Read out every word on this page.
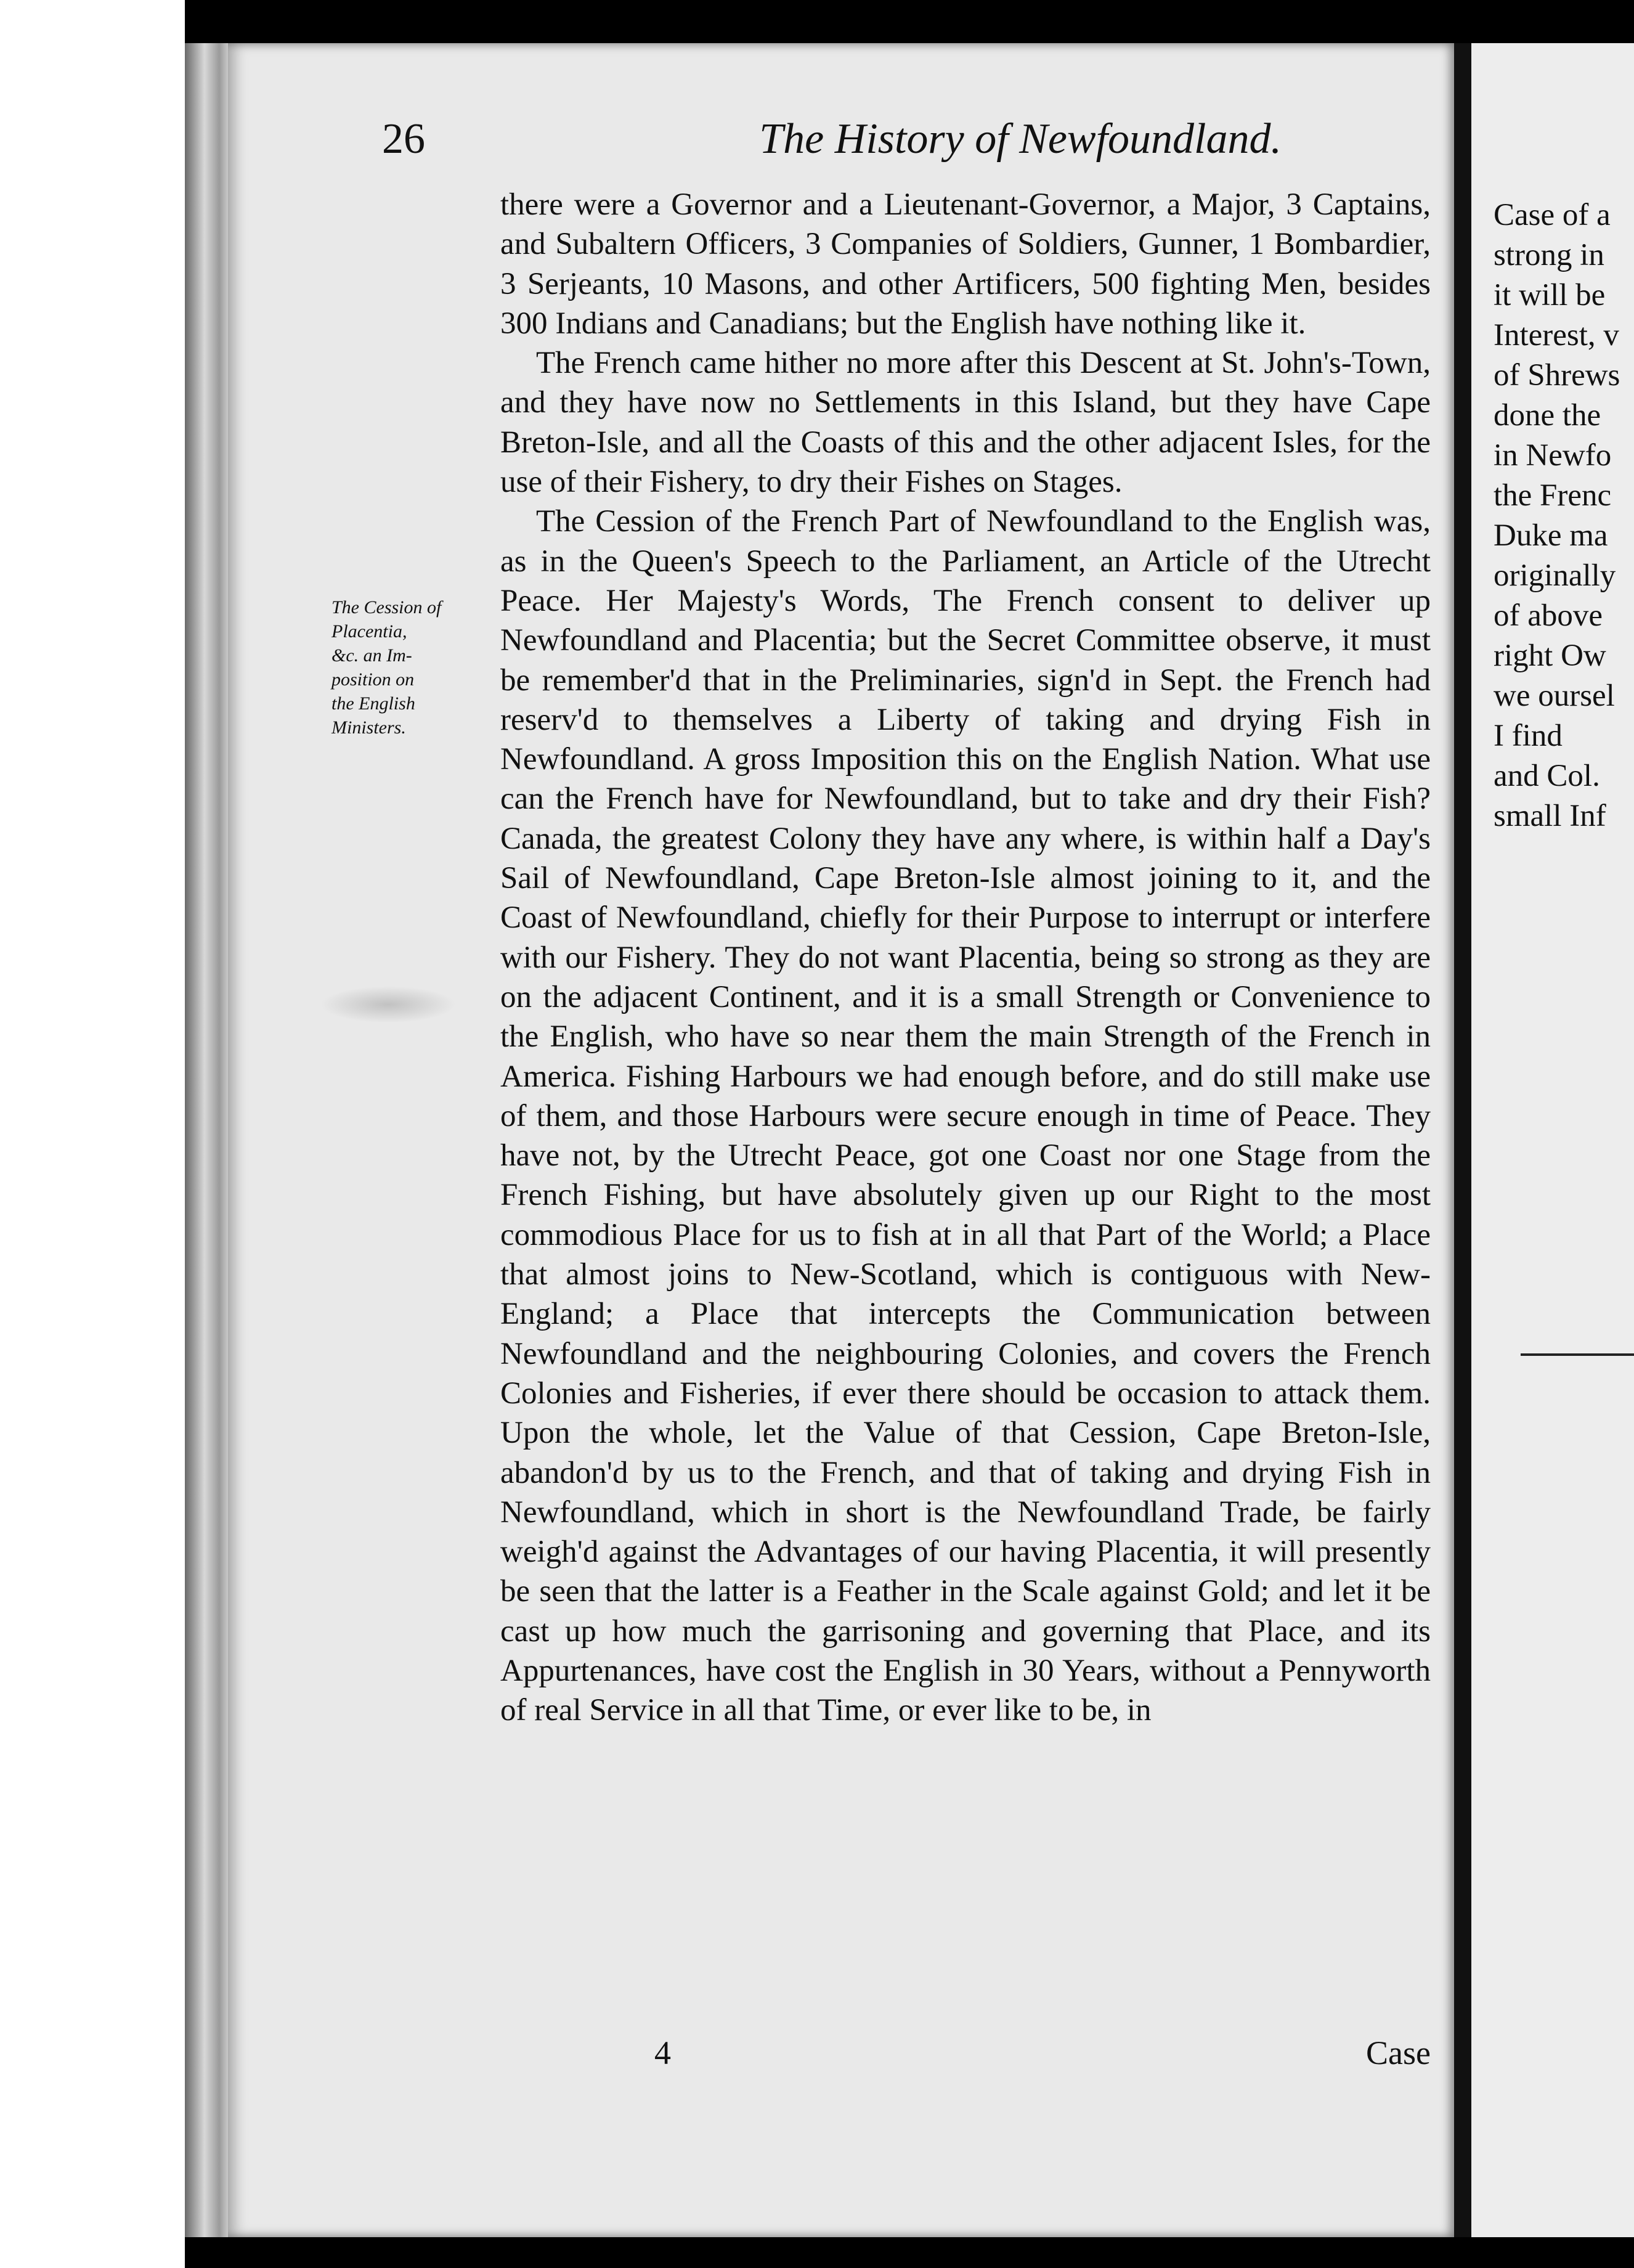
26	The History of Newfoundland.
The Cession of
Placentia,
&c. an Im-
position on
the English
Ministers.

there were a Governor and a Lieutenant-Governor, a Major, 3 Captains, and Subaltern Officers, 3 Companies of Soldiers, Gunner, 1 Bombardier, 3 Serjeants, 10 Masons, and other Artificers, 500 fighting Men, besides 300 Indians and Canadians; but the English have nothing like it.

The French came hither no more after this Descent at St. John's-Town, and they have now no Settlements in this Island, but they have Cape Breton-Isle, and all the Coasts of this and the other adjacent Isles, for the use of their Fishery, to dry their Fishes on Stages.

The Cession of the French Part of Newfoundland to the English was, as in the Queen's Speech to the Parliament, an Article of the Utrecht Peace. Her Majesty's Words, The French consent to deliver up Newfoundland and Placentia; but the Secret Committee observe, it must be remember'd that in the Preliminaries, sign'd in Sept. the French had reserv'd to themselves a Liberty of taking and drying Fish in Newfoundland. A gross Imposition this on the English Nation. What use can the French have for Newfoundland, but to take and dry their Fish? Canada, the greatest Colony they have any where, is within half a Day's Sail of Newfoundland, Cape Breton-Isle almost joining to it, and the Coast of Newfoundland, chiefly for their Purpose to interrupt or interfere with our Fishery. They do not want Placentia, being so strong as they are on the adjacent Continent, and it is a small Strength or Convenience to the English, who have so near them the main Strength of the French in America. Fishing Harbours we had enough before, and do still make use of them, and those Harbours were secure enough in time of Peace. They have not, by the Utrecht Peace, got one Coast nor one Stage from the French Fishing, but have absolutely given up our Right to the most commodious Place for us to fish at in all that Part of the World; a Place that almost joins to New-Scotland, which is contiguous with New-England; a Place that intercepts the Communication between Newfoundland and the neighbouring Colonies, and covers the French Colonies and Fisheries, if ever there should be occasion to attack them. Upon the whole, let the Value of that Cession, Cape Breton-Isle, abandon'd by us to the French, and that of taking and drying Fish in Newfoundland, which in short is the Newfoundland Trade, be fairly weigh'd against the Advantages of our having Placentia, it will presently be seen that the latter is a Feather in the Scale against Gold; and let it be cast up how much the garrisoning and governing that Place, and its Appurtenances, have cost the English in 30 Years, without a Pennyworth of real Service in all that Time, or ever like to be, in

4	Case
Case of a
strong in
it will be
Interest, v
of Shrews
done the
in Newfo
the Frenc
Duke ma
originally
of above
right Ow
we oursel
I find
and Col.
small Inf
